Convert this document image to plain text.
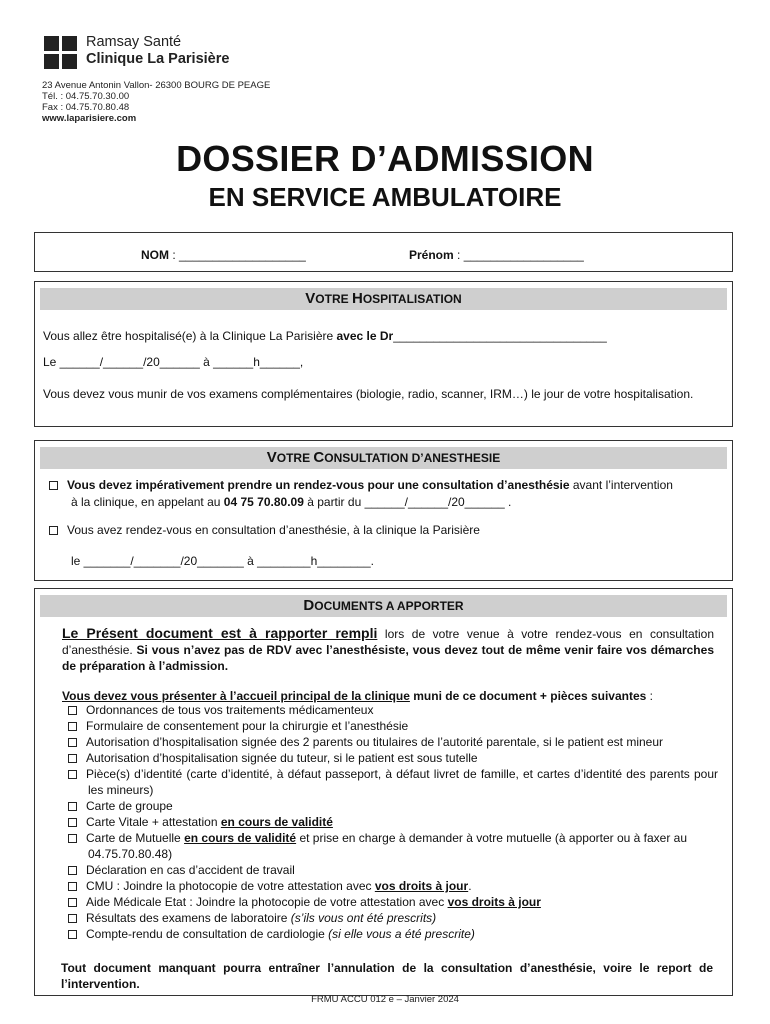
Ramsay Santé
Clinique La Parisière
23 Avenue Antonin Vallon- 26300 BOURG DE PEAGE
Tél. : 04.75.70.30.00
Fax : 04.75.70.80.48
www.laparisiere.com
DOSSIER D’ADMISSION
EN SERVICE AMBULATOIRE
NOM : ___________________	Prénom : __________________
VOTRE HOSPITALISATION
Vous allez être hospitalisé(e) à la Clinique La Parisière avec le Dr________________________________
Le ______/______/20______ à ______h______,
Vous devez vous munir de vos examens complémentaires (biologie, radio, scanner, IRM…) le jour de votre hospitalisation.
VOTRE CONSULTATION D’ANESTHESIE
Vous devez impérativement prendre un rendez-vous pour une consultation d’anesthésie avant l’intervention
à la clinique, en appelant au 04 75 70.80.09 à partir du ______/______/20______ .
Vous avez rendez-vous en consultation d’anesthésie, à la clinique la Parisière
le _______/_______/20_______ à ________h________.
DOCUMENTS A APPORTER
Le Présent document est à rapporter rempli lors de votre venue à votre rendez-vous en consultation d’anesthésie. Si vous n’avez pas de RDV avec l’anesthésiste, vous devez tout de même venir faire vos démarches de préparation à l’admission.
Vous devez vous présenter à l’accueil principal de la clinique muni de ce document + pièces suivantes :
Ordonnances de tous vos traitements médicamenteux
Formulaire de consentement pour la chirurgie et l’anesthésie
Autorisation d’hospitalisation signée des 2 parents ou titulaires de l’autorité parentale, si le patient est mineur
Autorisation d’hospitalisation signée du tuteur, si le patient est sous tutelle
Pièce(s) d’identité (carte d’identité, à défaut passeport, à défaut livret de famille, et cartes d’identité des parents pour les mineurs)
Carte de groupe
Carte Vitale + attestation en cours de validité
Carte de Mutuelle en cours de validité et prise en charge à demander à votre mutuelle (à apporter ou à faxer au 04.75.70.80.48)
Déclaration en cas d’accident de travail
CMU : Joindre la photocopie de votre attestation avec vos droits à jour.
Aide Médicale Etat : Joindre la photocopie de votre attestation avec vos droits à jour
Résultats des examens de laboratoire (s’ils vous ont été prescrits)
Compte-rendu de consultation de cardiologie (si elle vous a été prescrite)
Tout document manquant pourra entraîner l’annulation de la consultation d’anesthésie, voire le report de l’intervention.
FRMU ACCU 012 e – Janvier 2024
